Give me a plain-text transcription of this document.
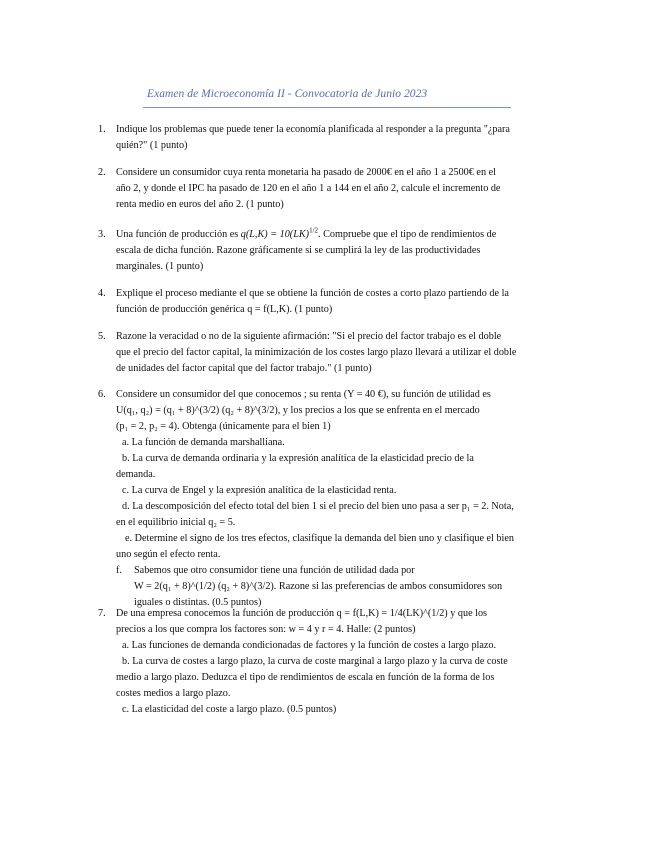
Examen de Microeconomía II - Convocatoria de Junio 2023
1.	Indique los problemas que puede tener la economía planificada al responder a la pregunta "¿para
quién?" (1 punto)
2.	Considere un consumidor cuya renta monetaria ha pasado de 2000€ en el año 1 a 2500€ en el
año 2, y donde el IPC ha pasado de 120 en el año 1 a 144 en el año 2, calcule el incremento de
renta medio en euros del año 2. (1 punto)
3.	Una función de producción es q(L,K) = 10(LK)$^{1/2}$. Compruebe que el tipo de rendimientos de
escala de dicha función. Razone gráficamente si se cumplirá la ley de las productividades
marginales. (1 punto)
4.	Explique el proceso mediante el que se obtiene la función de costes a corto plazo partiendo de la
función de producción genérica q = f(L,K). (1 punto)
5.	Razone la veracidad o no de la siguiente afirmación: "Si el precio del factor trabajo es el doble
que el precio del factor capital, la minimización de los costes largo plazo llevará a utilizar el doble
de unidades del factor capital que del factor trabajo." (1 punto)
6.	Considere un consumidor del que conocemos ; su renta (Y = 40 €), su función de utilidad es
U(q₁, q₂) = (q₁ + 8)^(3/2) (q₂ + 8)^(3/2), y los precios a los que se enfrenta en el mercado
(p₁ = 2, p₂ = 4). Obtenga (únicamente para el bien 1)
a. La función de demanda marshalliana.
b. La curva de demanda ordinaria y la expresión analítica de la elasticidad precio de la
demanda.
c. La curva de Engel y la expresión analítica de la elasticidad renta.
d. La descomposición del efecto total del bien 1 si el precio del bien uno pasa a ser p₁ = 2. Nota,
en el equilibrio inicial q₂ = 5.
e. Determine el signo de los tres efectos, clasifique la demanda del bien uno y clasifique el bien
uno según el efecto renta.
f. Sabemos que otro consumidor tiene una función de utilidad dada por
W = 2(q₁ + 8)^(1/2) (q₂ + 8)^(3/2). Razone si las preferencias de ambos consumidores son
iguales o distintas. (0.5 puntos)
7.	De una empresa conocemos la función de producción q = f(L,K) = 1/4(LK)^(1/2) y que los
precios a los que compra los factores son: w = 4 y r = 4. Halle: (2 puntos)
a. Las funciones de demanda condicionadas de factores y la función de costes a largo plazo.
b. La curva de costes a largo plazo, la curva de coste marginal a largo plazo y la curva de coste
medio a largo plazo. Deduzca el tipo de rendimientos de escala en función de la forma de los
costes medios a largo plazo.
c. La elasticidad del coste a largo plazo. (0.5 puntos)
